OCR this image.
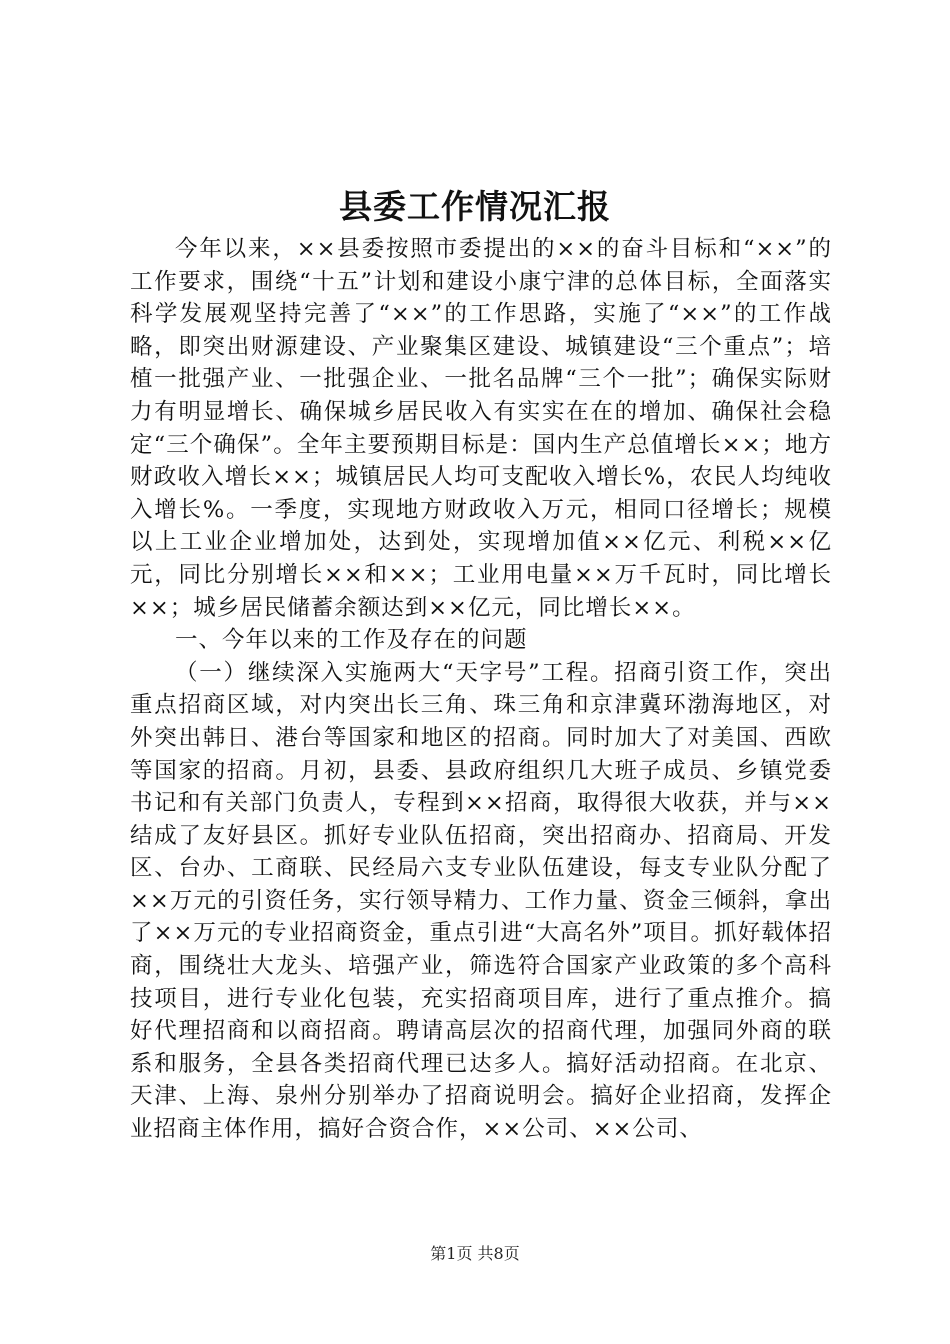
县委工作情况汇报

今年以来，××县委按照市委提出的××的奋斗目标和“××”的工作要求，围绕“十五”计划和建设小康宁津的总体目标，全面落实科学发展观坚持完善了“××”的工作思路，实施了“××”的工作战略，即突出财源建设、产业聚集区建设、城镇建设“三个重点”；培植一批强产业、一批强企业、一批名品牌“三个一批”；确保实际财力有明显增长、确保城乡居民收入有实实在在的增加、确保社会稳定“三个确保”。全年主要预期目标是：国内生产总值增长××；地方财政收入增长××；城镇居民人均可支配收入增长%，农民人均纯收入增长%。一季度，实现地方财政收入万元，相同口径增长；规模以上工业企业增加处，达到处，实现增加值××亿元、利税××亿元，同比分别增长××和××；工业用电量××万千瓦时，同比增长××；城乡居民储蓄余额达到××亿元，同比增长××。

一、今年以来的工作及存在的问题

（一）继续深入实施两大“天字号”工程。招商引资工作，突出重点招商区域，对内突出长三角、珠三角和京津冀环渤海地区，对外突出韩日、港台等国家和地区的招商。同时加大了对美国、西欧等国家的招商。月初，县委、县政府组织几大班子成员、乡镇党委书记和有关部门负责人，专程到××招商，取得很大收获，并与××结成了友好县区。抓好专业队伍招商，突出招商办、招商局、开发区、台办、工商联、民经局六支专业队伍建设，每支专业队分配了××万元的引资任务，实行领导精力、工作力量、资金三倾斜，拿出了××万元的专业招商资金，重点引进“大高名外”项目。抓好载体招商，围绕壮大龙头、培强产业，筛选符合国家产业政策的多个高科技项目，进行专业化包装，充实招商项目库，进行了重点推介。搞好代理招商和以商招商。聘请高层次的招商代理，加强同外商的联系和服务，全县各类招商代理已达多人。搞好活动招商。在北京、天津、上海、泉州分别举办了招商说明会。搞好企业招商，发挥企业招商主体作用，搞好合资合作，××公司、××公司、

第1页 共8页
